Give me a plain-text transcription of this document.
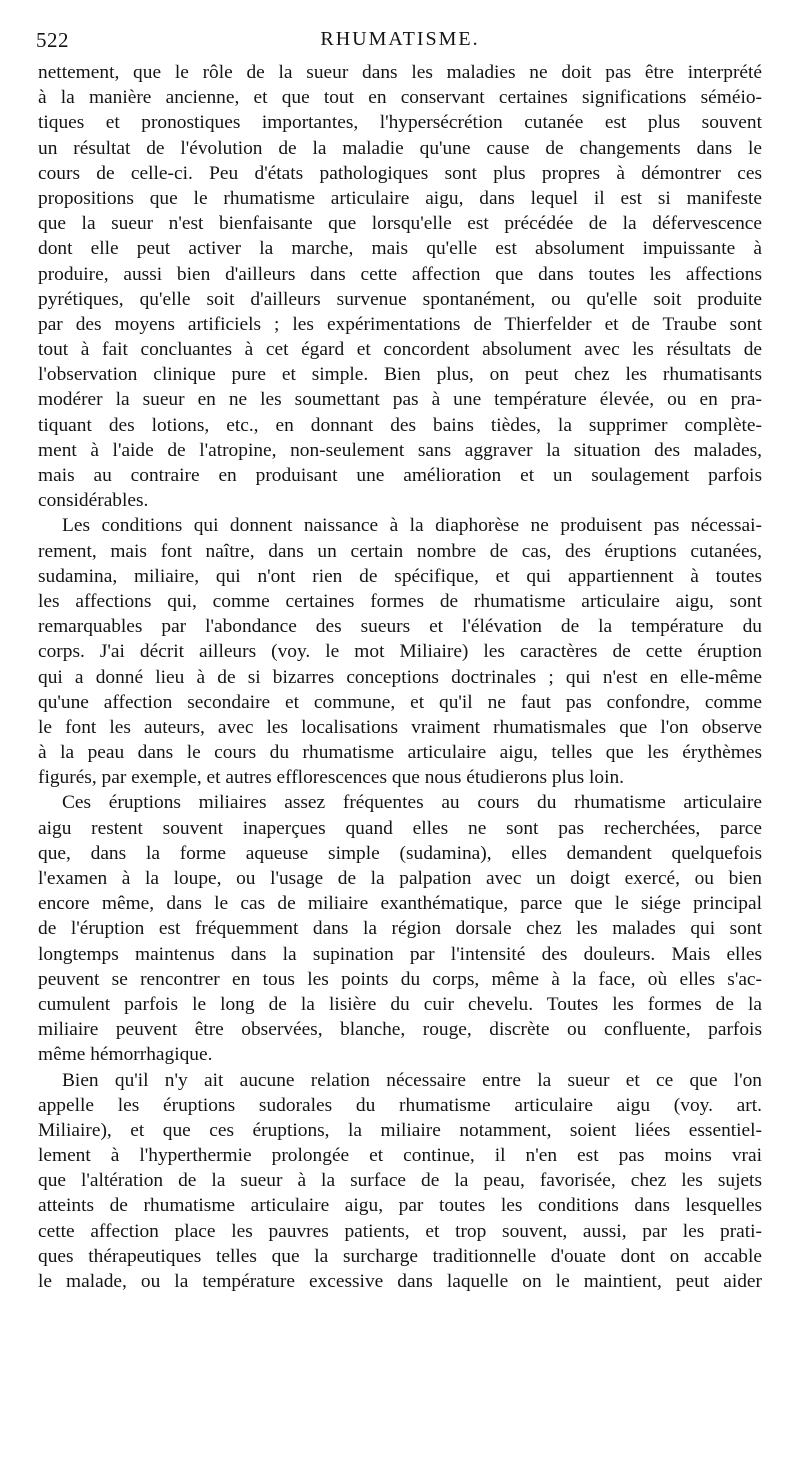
522	RHUMATISME.
nettement, que le rôle de la sueur dans les maladies ne doit pas être interprété
à la manière ancienne, et que tout en conservant certaines significations séméio-
tiques et pronostiques importantes, l'hypersécrétion cutanée est plus souvent
un résultat de l'évolution de la maladie qu'une cause de changements dans le
cours de celle-ci. Peu d'états pathologiques sont plus propres à démontrer ces
propositions que le rhumatisme articulaire aigu, dans lequel il est si manifeste
que la sueur n'est bienfaisante que lorsqu'elle est précédée de la défervescence
dont elle peut activer la marche, mais qu'elle est absolument impuissante à
produire, aussi bien d'ailleurs dans cette affection que dans toutes les affections
pyrétiques, qu'elle soit d'ailleurs survenue spontanément, ou qu'elle soit produite
par des moyens artificiels ; les expérimentations de Thierfelder et de Traube sont
tout à fait concluantes à cet égard et concordent absolument avec les résultats de
l'observation clinique pure et simple. Bien plus, on peut chez les rhumatisants
modérer la sueur en ne les soumettant pas à une température élevée, ou en pra-
tiquant des lotions, etc., en donnant des bains tièdes, la supprimer complète-
ment à l'aide de l'atropine, non-seulement sans aggraver la situation des malades,
mais au contraire en produisant une amélioration et un soulagement parfois
considérables.
Les conditions qui donnent naissance à la diaphorèse ne produisent pas nécessai-
rement, mais font naître, dans un certain nombre de cas, des éruptions cutanées,
sudamina, miliaire, qui n'ont rien de spécifique, et qui appartiennent à toutes
les affections qui, comme certaines formes de rhumatisme articulaire aigu, sont
remarquables par l'abondance des sueurs et l'élévation de la température du
corps. J'ai décrit ailleurs (voy. le mot Miliaire) les caractères de cette éruption
qui a donné lieu à de si bizarres conceptions doctrinales ; qui n'est en elle-même
qu'une affection secondaire et commune, et qu'il ne faut pas confondre, comme
le font les auteurs, avec les localisations vraiment rhumatismales que l'on observe
à la peau dans le cours du rhumatisme articulaire aigu, telles que les érythèmes
figurés, par exemple, et autres efflorescences que nous étudierons plus loin.
Ces éruptions miliaires assez fréquentes au cours du rhumatisme articulaire
aigu restent souvent inaperçues quand elles ne sont pas recherchées, parce
que, dans la forme aqueuse simple (sudamina), elles demandent quelquefois
l'examen à la loupe, ou l'usage de la palpation avec un doigt exercé, ou bien
encore même, dans le cas de miliaire exanthématique, parce que le siége principal
de l'éruption est fréquemment dans la région dorsale chez les malades qui sont
longtemps maintenus dans la supination par l'intensité des douleurs. Mais elles
peuvent se rencontrer en tous les points du corps, même à la face, où elles s'ac-
cumulent parfois le long de la lisière du cuir chevelu. Toutes les formes de la
miliaire peuvent être observées, blanche, rouge, discrète ou confluente, parfois
même hémorrhagique.
Bien qu'il n'y ait aucune relation nécessaire entre la sueur et ce que l'on
appelle les éruptions sudorales du rhumatisme articulaire aigu (voy. art.
Miliaire), et que ces éruptions, la miliaire notamment, soient liées essentiel-
lement à l'hyperthermie prolongée et continue, il n'en est pas moins vrai
que l'altération de la sueur à la surface de la peau, favorisée, chez les sujets
atteints de rhumatisme articulaire aigu, par toutes les conditions dans lesquelles
cette affection place les pauvres patients, et trop souvent, aussi, par les prati-
ques thérapeutiques telles que la surcharge traditionnelle d'ouate dont on accable
le malade, ou la température excessive dans laquelle on le maintient, peut aider
